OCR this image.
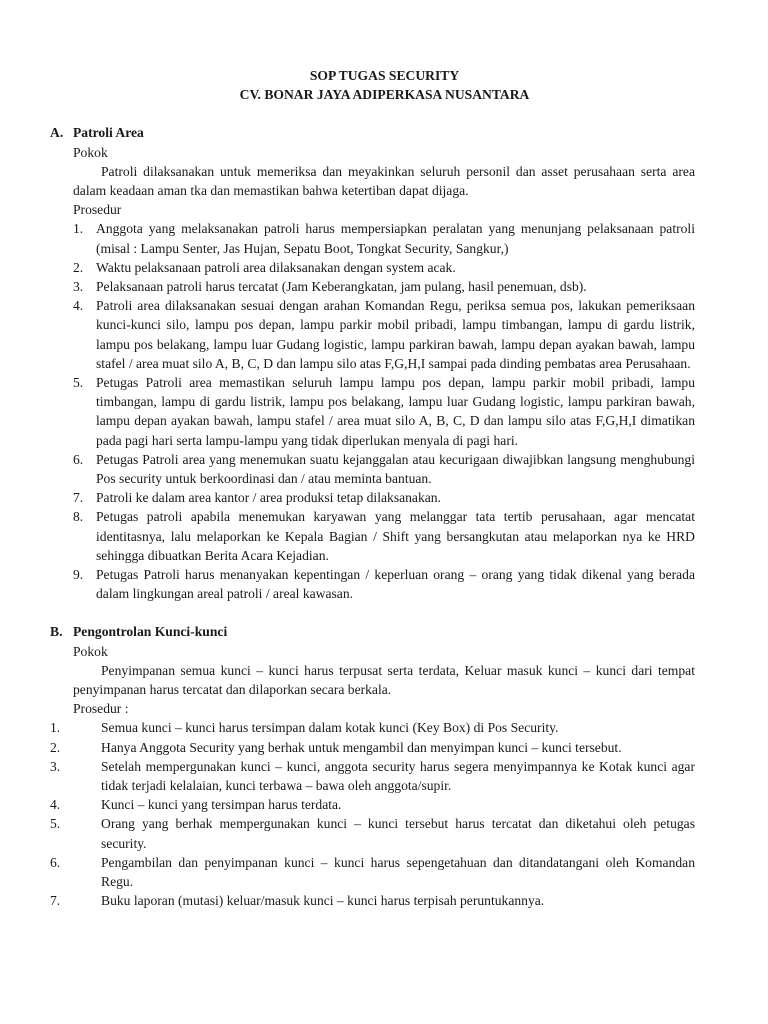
SOP TUGAS SECURITY
CV. BONAR JAYA ADIPERKASA NUSANTARA
A. Patroli Area
Pokok
Patroli dilaksanakan untuk memeriksa dan meyakinkan seluruh personil dan asset perusahaan serta area dalam keadaan aman tka dan memastikan bahwa ketertiban dapat dijaga.
Prosedur
1. Anggota yang melaksanakan patroli harus mempersiapkan peralatan yang menunjang pelaksanaan patroli (misal : Lampu Senter, Jas Hujan, Sepatu Boot, Tongkat Security, Sangkur,)
2. Waktu pelaksanaan patroli area dilaksanakan dengan system acak.
3. Pelaksanaan patroli harus tercatat (Jam Keberangkatan, jam pulang, hasil penemuan, dsb).
4. Patroli area dilaksanakan sesuai dengan arahan Komandan Regu, periksa semua pos, lakukan pemeriksaan kunci-kunci silo, lampu pos depan, lampu parkir mobil pribadi, lampu timbangan, lampu di gardu listrik, lampu pos belakang, lampu luar Gudang logistic, lampu parkiran bawah, lampu depan ayakan bawah, lampu stafel / area muat silo A, B, C, D dan lampu silo atas F,G,H,I sampai pada dinding pembatas area Perusahaan.
5. Petugas Patroli area memastikan seluruh lampu lampu pos depan, lampu parkir mobil pribadi, lampu timbangan, lampu di gardu listrik, lampu pos belakang, lampu luar Gudang logistic, lampu parkiran bawah, lampu depan ayakan bawah, lampu stafel / area muat silo A, B, C, D dan lampu silo atas F,G,H,I dimatikan pada pagi hari serta lampu-lampu yang tidak diperlukan menyala di pagi hari.
6. Petugas Patroli area yang menemukan suatu kejanggalan atau kecurigaan diwajibkan langsung menghubungi Pos security untuk berkoordinasi dan / atau meminta bantuan.
7. Patroli ke dalam area kantor / area produksi tetap dilaksanakan.
8. Petugas patroli apabila menemukan karyawan yang melanggar tata tertib perusahaan, agar mencatat identitasnya, lalu melaporkan ke Kepala Bagian / Shift yang bersangkutan atau melaporkan nya ke HRD sehingga dibuatkan Berita Acara Kejadian.
9. Petugas Patroli harus menanyakan kepentingan / keperluan orang – orang yang tidak dikenal yang berada dalam lingkungan areal patroli / areal kawasan.
B. Pengontrolan Kunci-kunci
Pokok
Penyimpanan semua kunci – kunci harus terpusat serta terdata, Keluar masuk kunci – kunci dari tempat penyimpanan harus tercatat dan dilaporkan secara berkala.
Prosedur :
1.	Semua kunci – kunci harus tersimpan dalam kotak kunci (Key Box) di Pos Security.
2.	Hanya Anggota Security yang berhak untuk mengambil dan menyimpan kunci – kunci tersebut.
3.	Setelah mempergunakan kunci – kunci, anggota security harus segera menyimpannya ke Kotak kunci agar tidak terjadi kelalaian, kunci terbawa – bawa oleh anggota/supir.
4.	Kunci – kunci yang tersimpan harus terdata.
5.	Orang yang berhak mempergunakan kunci – kunci tersebut harus tercatat dan diketahui oleh petugas security.
6.	Pengambilan dan penyimpanan kunci – kunci harus sepengetahuan dan ditandatangani oleh Komandan Regu.
7.	Buku laporan (mutasi) keluar/masuk kunci – kunci harus terpisah peruntukannya.
